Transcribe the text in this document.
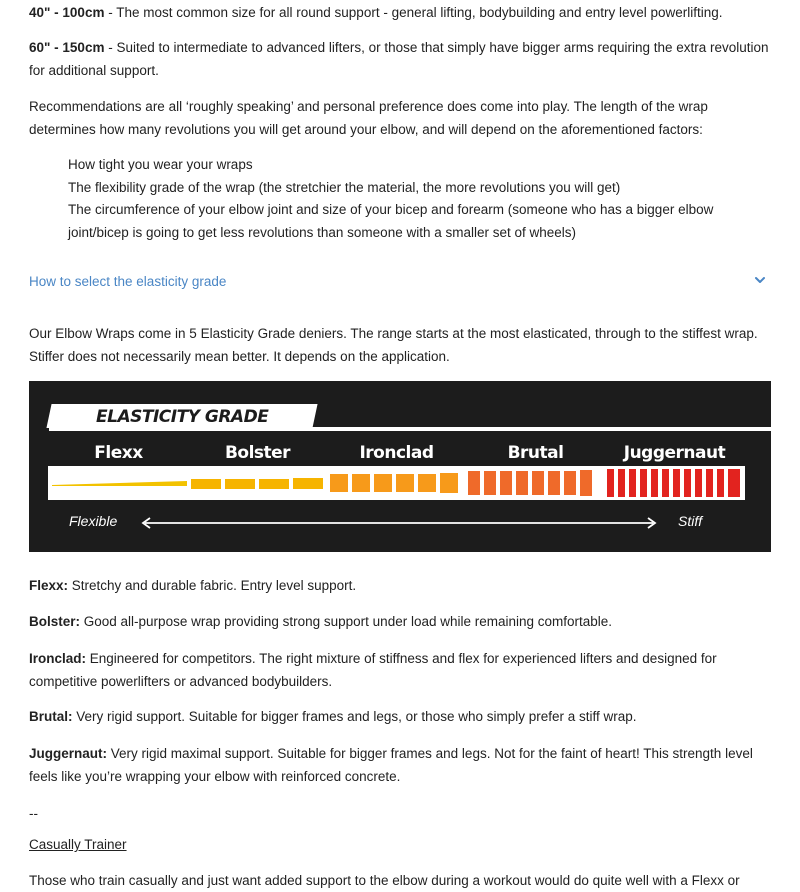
40" - 100cm - The most common size for all round support - general lifting, bodybuilding and entry level powerlifting.

60" - 150cm - Suited to intermediate to advanced lifters, or those that simply have bigger arms requiring the extra revolution for additional support.

Recommendations are all ‘roughly speaking’ and personal preference does come into play. The length of the wrap determines how many revolutions you will get around your elbow, and will depend on the aforementioned factors:

How tight you wear your wraps
The flexibility grade of the wrap (the stretchier the material, the more revolutions you will get)
The circumference of your elbow joint and size of your bicep and forearm (someone who has a bigger elbow joint/bicep is going to get less revolutions than someone with a smaller set of wheels)
How to select the elasticity grade

Our Elbow Wraps come in 5 Elasticity Grade deniers. The range starts at the most elasticated, through to the stiffest wrap. Stiffer does not necessarily mean better. It depends on the application.

ELASTICITY GRADE
Flexx	Bolster	Ironclad	Brutal	Juggernaut
Flexible	Stiff

Flexx: Stretchy and durable fabric. Entry level support.

Bolster: Good all-purpose wrap providing strong support under load while remaining comfortable.

Ironclad: Engineered for competitors. The right mixture of stiffness and flex for experienced lifters and designed for competitive powerlifters or advanced bodybuilders.

Brutal: Very rigid support. Suitable for bigger frames and legs, or those who simply prefer a stiff wrap.

Juggernaut: Very rigid maximal support. Suitable for bigger frames and legs. Not for the faint of heart! This strength level feels like you’re wrapping your elbow with reinforced concrete.

--
Casually Trainer

Those who train casually and just want added support to the elbow during a workout would do quite well with a Flexx or
